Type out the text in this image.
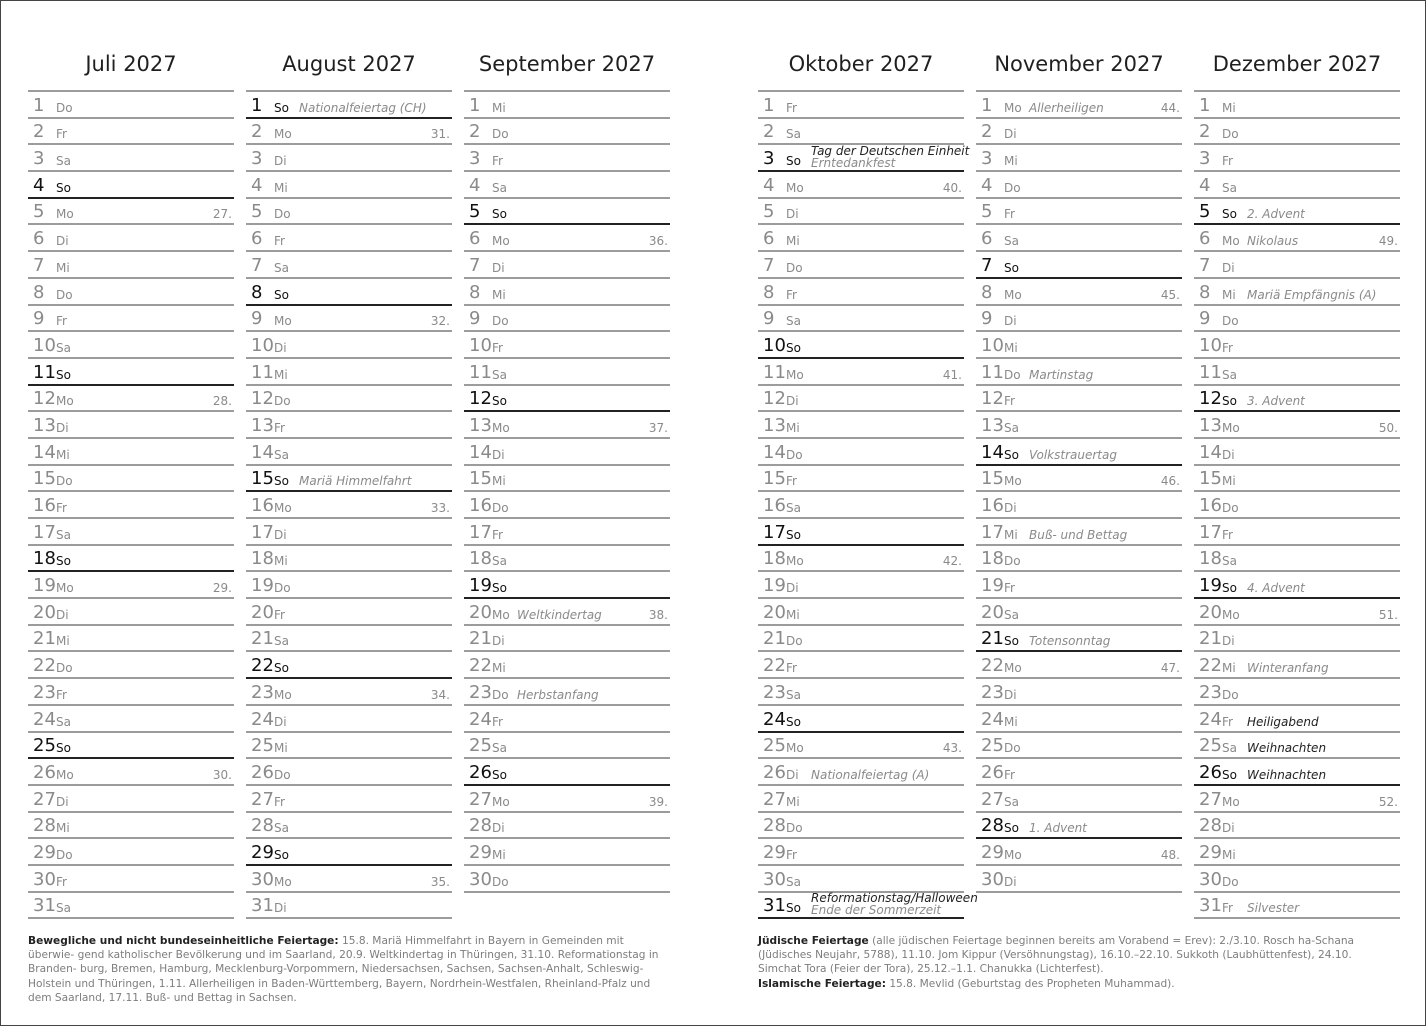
Juli 2027
1 Do
2 Fr
3 Sa
4 So
5 Mo	27.
6 Di
7 Mi
8 Do
9 Fr
10 Sa
11 So
12 Mo	28.
13 Di
14 Mi
15 Do
16 Fr
17 Sa
18 So
19 Mo	29.
20 Di
21 Mi
22 Do
23 Fr
24 Sa
25 So
26 Mo	30.
27 Di
28 Mi
29 Do
30 Fr
31 Sa
August 2027
1 So Nationalfeiertag (CH)
2 Mo	31.
3 Di
4 Mi
5 Do
6 Fr
7 Sa
8 So
9 Mo	32.
10 Di
11 Mi
12 Do
13 Fr
14 Sa
15 So Mariä Himmelfahrt
16 Mo	33.
17 Di
18 Mi
19 Do
20 Fr
21 Sa
22 So
23 Mo	34.
24 Di
25 Mi
26 Do
27 Fr
28 Sa
29 So
30 Mo	35.
31 Di
September 2027
1 Mi
2 Do
3 Fr
4 Sa
5 So
6 Mo	36.
7 Di
8 Mi
9 Do
10 Fr
11 Sa
12 So
13 Mo	37.
14 Di
15 Mi
16 Do
17 Fr
18 Sa
19 So
20 Mo Weltkindertag	38.
21 Di
22 Mi
23 Do Herbstanfang
24 Fr
25 Sa
26 So
27 Mo	39.
28 Di
29 Mi
30 Do
Oktober 2027
1 Fr
2 Sa
3 So
Tag der Deutschen Einheit
Erntedankfest
4 Mo	40.
5 Di
6 Mi
7 Do
8 Fr
9 Sa
10 So
11 Mo	41.
12 Di
13 Mi
14 Do
15 Fr
16 Sa
17 So
18 Mo	42.
19 Di
20 Mi
21 Do
22 Fr
23 Sa
24 So
25 Mo	43.
26 Di Nationalfeiertag (A)
27 Mi
28 Do
29 Fr
30 Sa
31 So
Reformationstag/Halloween
Ende der Sommerzeit
November 2027
1 Mo Allerheiligen	44.
2 Di
3 Mi
4 Do
5 Fr
6 Sa
7 So
8 Mo	45.
9 Di
10 Mi
11 Do Martinstag
12 Fr
13 Sa
14 So Volkstrauertag
15 Mo	46.
16 Di
17 Mi Buß- und Bettag
18 Do
19 Fr
20 Sa
21 So Totensonntag
22 Mo	47.
23 Di
24 Mi
25 Do
26 Fr
27 Sa
28 So 1. Advent
29 Mo	48.
30 Di
Dezember 2027
1 Mi
2 Do
3 Fr
4 Sa
5 So 2. Advent
6 Mo Nikolaus	49.
7 Di
8 Mi Mariä Empfängnis (A)
9 Do
10 Fr
11 Sa
12 So 3. Advent
13 Mo	50.
14 Di
15 Mi
16 Do
17 Fr
18 Sa
19 So 4. Advent
20 Mo	51.
21 Di
22 Mi Winteranfang
23 Do
24 Fr Heiligabend
25 Sa Weihnachten
26 So Weihnachten
27 Mo	52.
28 Di
29 Mi
30 Do
31 Fr Silvester
Bewegliche und nicht bundeseinheitliche Feiertage: 15.8. Mariä Himmelfahrt in Bayern in Gemeinden mit überwie- gend katholischer Bevölkerung und im Saarland, 20.9. Weltkindertag in Thüringen, 31.10. Reformationstag in Branden- burg, Bremen, Hamburg, Mecklenburg-Vorpommern, Niedersachsen, Sachsen, Sachsen-Anhalt, Schleswig-Holstein und Thüringen, 1.11. Allerheiligen in Baden-Württemberg, Bayern, Nordrhein-Westfalen, Rheinland-Pfalz und dem Saarland, 17.11. Buß- und Bettag in Sachsen.
Jüdische Feiertage (alle jüdischen Feiertage beginnen bereits am Vorabend = Erev): 2./3.10. Rosch ha-Schana (Jüdisches Neujahr, 5788), 11.10. Jom Kippur (Versöhnungstag), 16.10.–22.10. Sukkoth (Laubhüttenfest), 24.10. Simchat Tora (Feier der Tora), 25.12.–1.1. Chanukka (Lichterfest).
Islamische Feiertage: 15.8. Mevlid (Geburtstag des Propheten Muhammad).
